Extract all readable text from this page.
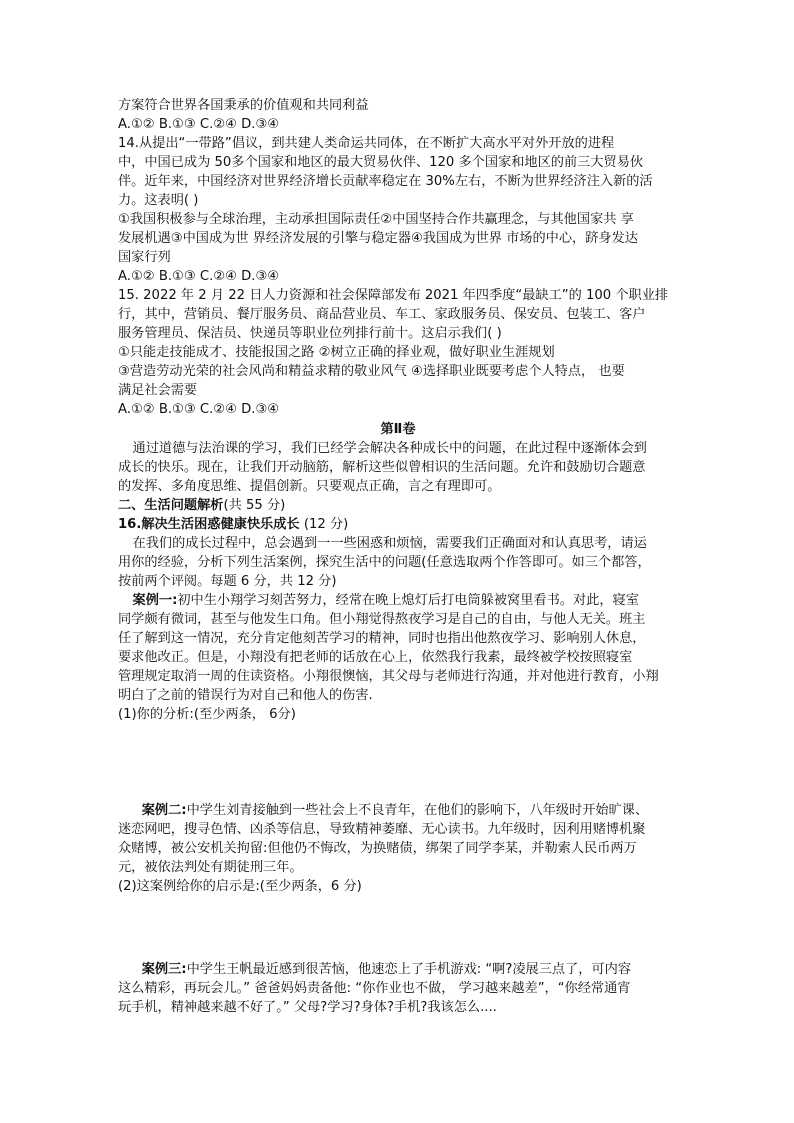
方案符合世界各国秉承的价值观和共同利益

A.①② B.①③ C.②④ D.③④

14.从提出“一带路”倡议，到共建人类命运共同体，在不断扩大高水平对外开放的进程

中，中国已成为 50多个国家和地区的最大贸易伙伴、120 多个国家和地区的前三大贸易伙

伴。近年来，中国经济对世界经济增长贡献率稳定在 30%左右，不断为世界经济注入新的活

力。这表明( )

①我国积极参与全球治理，主动承担国际责任②中国坚持合作共赢理念，与其他国家共 享

发展机遇③中国成为世 界经济发展的引擎与稳定器④我国成为世界 市场的中心，跻身发达

国家行列

A.①② B.①③ C.②④ D.③④

15. 2022 年 2 月 22 日人力资源和社会保障部发布 2021 年四季度“最缺工”的 100 个职业排

行，其中，营销员、餐厅服务员、商品营业员、车工、家政服务员、保安员、包装工、客户

服务管理员、保洁员、快递员等职业位列排行前十。这启示我们( )

①只能走技能成才、技能报国之路 ②树立正确的择业观，做好职业生涯规划

③营造劳动光荣的社会风尚和精益求精的敬业风气 ④选择职业既要考虑个人特点， 也要

满足社会需要

A.①② B.①③ C.②④ D.③④

第Ⅱ卷

通过道德与法治课的学习，我们已经学会解决各种成长中的问题，在此过程中逐渐体会到

成长的快乐。现在，让我们开动脑筋，解析这些似曾相识的生活问题。允许和鼓励切合题意

的发挥、多角度思维、提倡创新。只要观点正确，言之有理即可。

二、生活问题解析(共 55 分)

16.解决生活困惑健康快乐成长 (12 分)

在我们的成长过程中，总会遇到一一些困惑和烦恼，需要我们正确面对和认真思考，请运

用你的经验，分析下列生活案例，探究生活中的问题(任意选取两个作答即可。如三个都答，

按前两个评阅。每题 6 分，共 12 分)

案例一:初中生小翔学习刻苦努力，经常在晚上熄灯后打电筒躲被窝里看书。对此，寝室

同学颇有微词，甚至与他发生口角。但小翔觉得熬夜学习是自己的自由，与他人无关。班主

任了解到这一情况，充分肯定他刻苦学习的精神，同时也指出他熬夜学习、影响别人休息，

要求他改正。但是，小翔没有把老师的话放在心上，依然我行我素，最终被学校按照寝室

管理规定取消一周的住读资格。小翔很懊恼，其父母与老师进行沟通，并对他进行教育，小翔

明白了之前的错误行为对自己和他人的伤害.

(1)你的分析:(至少两条， 6分)

案例二:中学生刘青接触到一些社会上不良青年，在他们的影响下，八年级时开始旷课、

迷恋网吧，搜寻色情、凶杀等信息，导致精神萎靡、无心读书。九年级时，因利用赌博机聚

众赌博，被公安机关拘留:但他仍不悔改，为换赌债，绑架了同学李某，并勒索人民币两万

元，被依法判处有期徒刑三年。

(2)这案例给你的启示是:(至少两条，6 分)

案例三:中学生王帆最近感到很苦恼，他速恋上了手机游戏: “啊?凌展三点了，可内容

这么精彩，再玩会儿。” 爸爸妈妈责备他: “你作业也不做， 学习越来越差”，“你经常通宵

玩手机，精神越来越不好了。” 父母?学习?身体?手机?我该怎么....
